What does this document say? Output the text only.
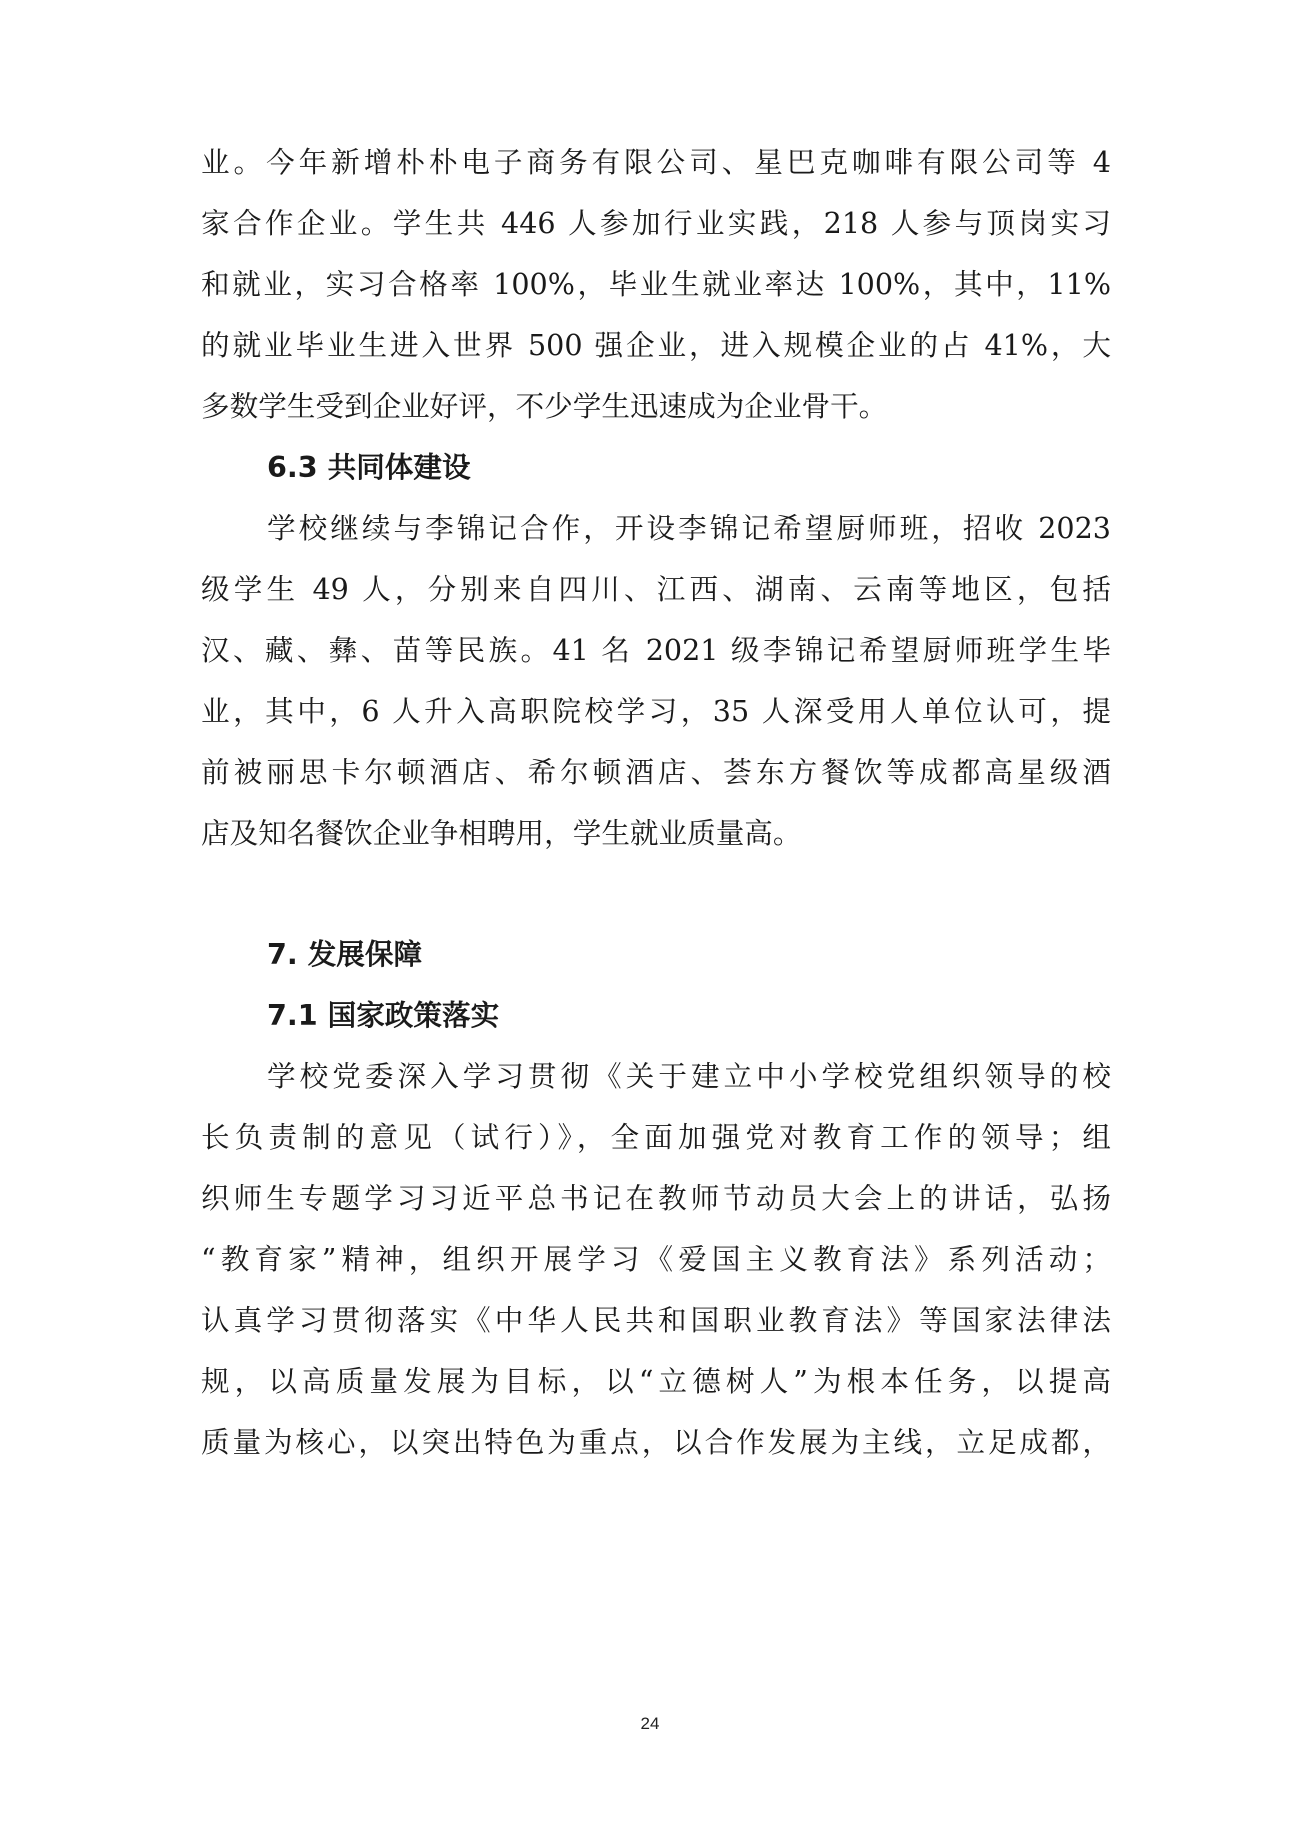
业。今年新增朴朴电子商务有限公司、星巴克咖啡有限公司等 4

家合作企业。学生共 446 人参加行业实践，218 人参与顶岗实习

和就业，实习合格率 100%，毕业生就业率达 100%，其中，11%

的就业毕业生进入世界 500 强企业，进入规模企业的占 41%，大

多数学生受到企业好评，不少学生迅速成为企业骨干。

6.3 共同体建设

学校继续与李锦记合作，开设李锦记希望厨师班，招收 2023

级学生 49 人，分别来自四川、江西、湖南、云南等地区，包括

汉、藏、彝、苗等民族。41 名 2021 级李锦记希望厨师班学生毕

业，其中，6 人升入高职院校学习，35 人深受用人单位认可，提

前被丽思卡尔顿酒店、希尔顿酒店、荟东方餐饮等成都高星级酒

店及知名餐饮企业争相聘用，学生就业质量高。

7. 发展保障
7.1 国家政策落实

学校党委深入学习贯彻《关于建立中小学校党组织领导的校

长负责制的意见（试行）》，全面加强党对教育工作的领导；组

织师生专题学习习近平总书记在教师节动员大会上的讲话，弘扬

“教育家”精神，组织开展学习《爱国主义教育法》系列活动；

认真学习贯彻落实《中华人民共和国职业教育法》等国家法律法

规，以高质量发展为目标，以“立德树人”为根本任务，以提高

质量为核心，以突出特色为重点，以合作发展为主线，立足成都，

24
